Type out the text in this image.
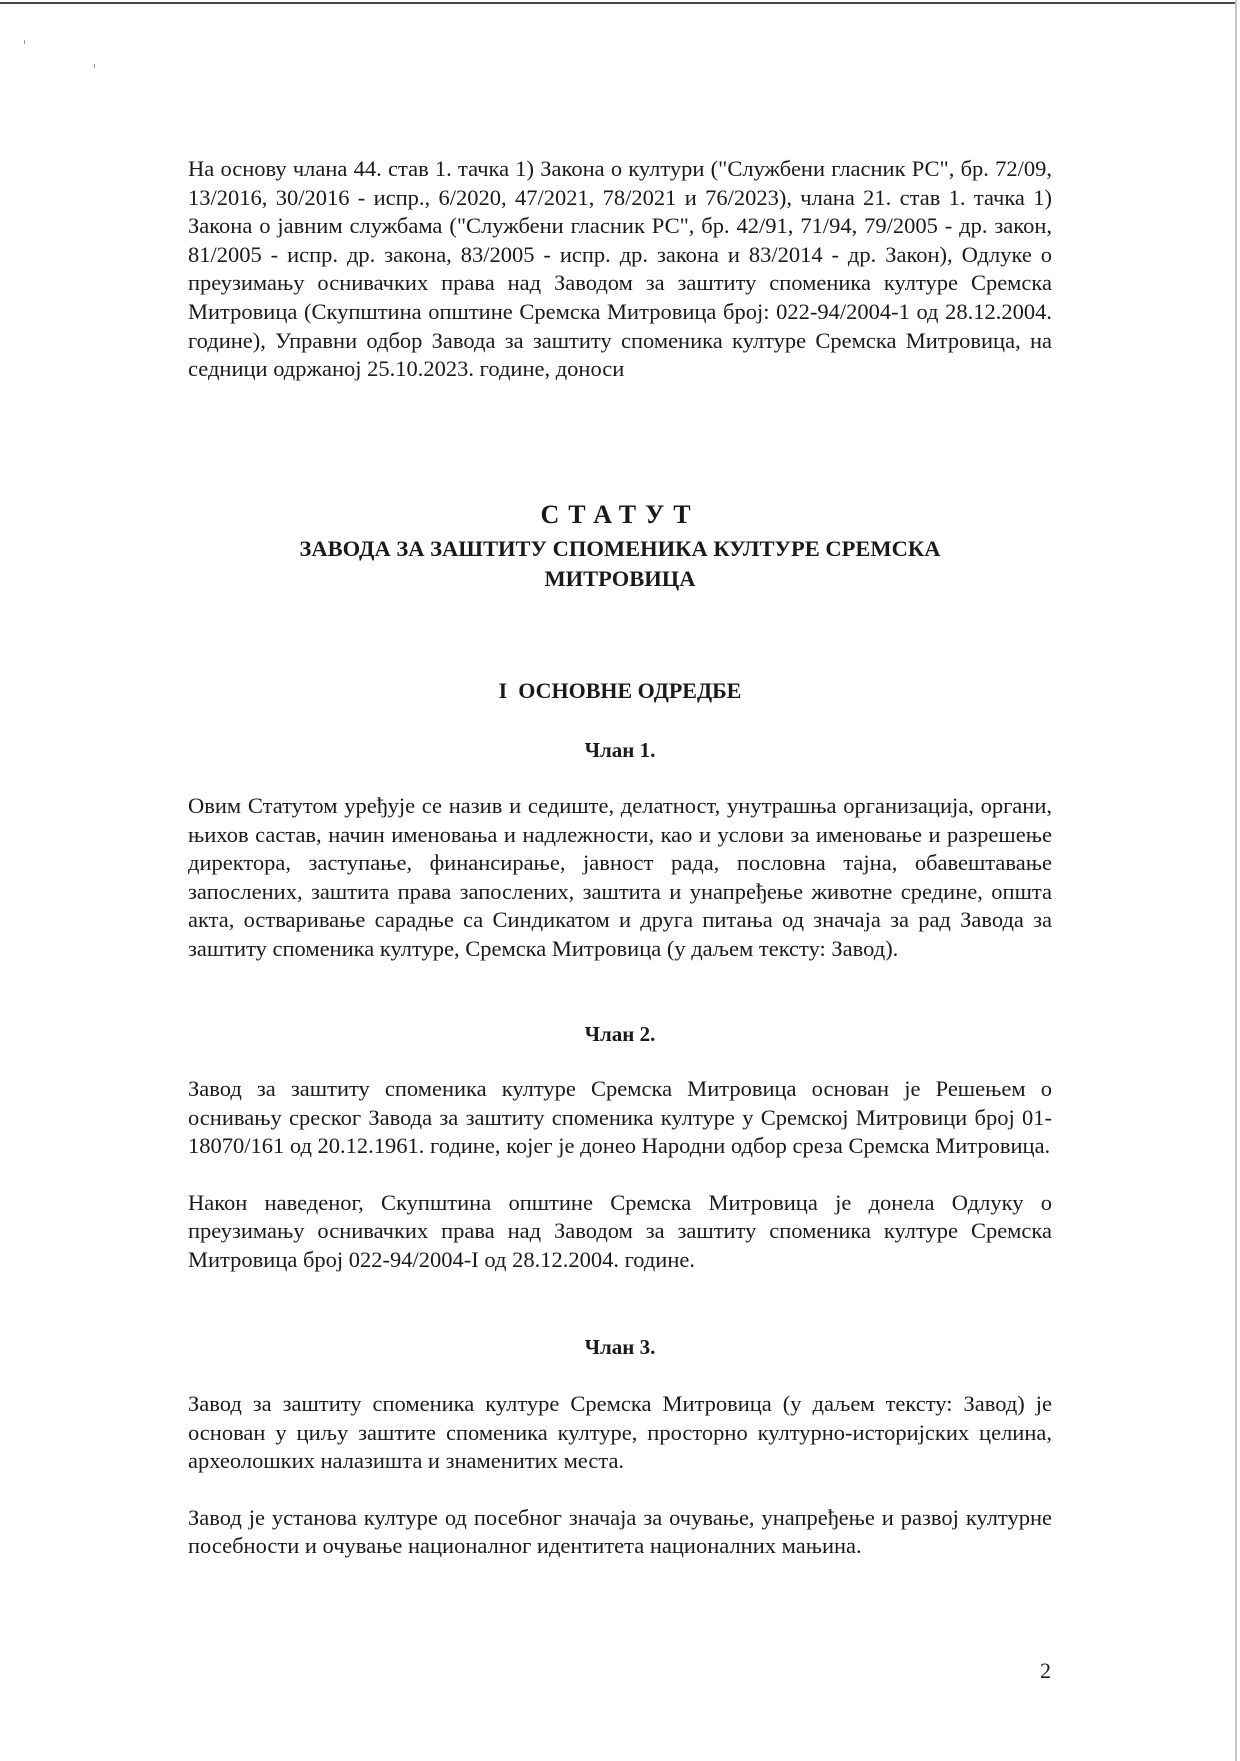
На основу члана 44. став 1. тачка 1) Закона о култури ("Службени гласник РС", бр. 72/09, 13/2016, 30/2016 - испр., 6/2020, 47/2021, 78/2021 и 76/2023), члана 21. став 1. тачка 1) Закона о јавним службама ("Службени гласник РС", бр. 42/91, 71/94, 79/2005 - др. закон, 81/2005 - испр. др. закона, 83/2005 - испр. др. закона и 83/2014 - др. Закон), Одлуке о преузимању оснивачких права над Заводом за заштиту споменика културе Сремска Митровица (Скупштина општине Сремска Митровица број: 022-94/2004-1 од 28.12.2004. године), Управни одбор Завода за заштиту споменика културе Сремска Митровица, на седници одржаној 25.10.2023. године, доноси

СТАТУТ

ЗАВОДА ЗА ЗАШТИТУ СПОМЕНИКА КУЛТУРЕ СРЕМСКА

МИТРОВИЦА

I  ОСНОВНЕ ОДРЕДБЕ

Члан 1.

Овим Статутом уређује се назив и седиште, делатност, унутрашња организација, органи, њихов састав, начин именовања и надлежности, као и услови за именовање и разрешење директора, заступање, финансирање, јавност рада, пословна тајна, обавештавање запослених, заштита права запослених, заштита и унапређење животне средине, општа акта, остваривање сарадње са Синдикатом и друга питања од значаја за рад Завода за заштиту споменика културе, Сремска Митровица (у даљем тексту: Завод).

Члан 2.

Завод за заштиту споменика културе Сремска Митровица основан је Решењем о оснивању среског Завода за заштиту споменика културе у Сремској Митровици број 01-18070/161 од 20.12.1961. године, којег је донео Народни одбор среза Сремска Митровица.

Након наведеног, Скупштина општине Сремска Митровица је донела Одлуку о преузимању оснивачких права над Заводом за заштиту споменика културе Сремска Митровица број 022-94/2004-I од 28.12.2004. године.

Члан 3.

Завод за заштиту споменика културе Сремска Митровица (у даљем тексту: Завод) је основан у циљу заштите споменика културе, просторно културно-историјских целина, археолошких налазишта и знаменитих места.

Завод је установа културе од посебног значаја за очување, унапређење и развој културне посебности и очување националног идентитета националних мањина.

2
